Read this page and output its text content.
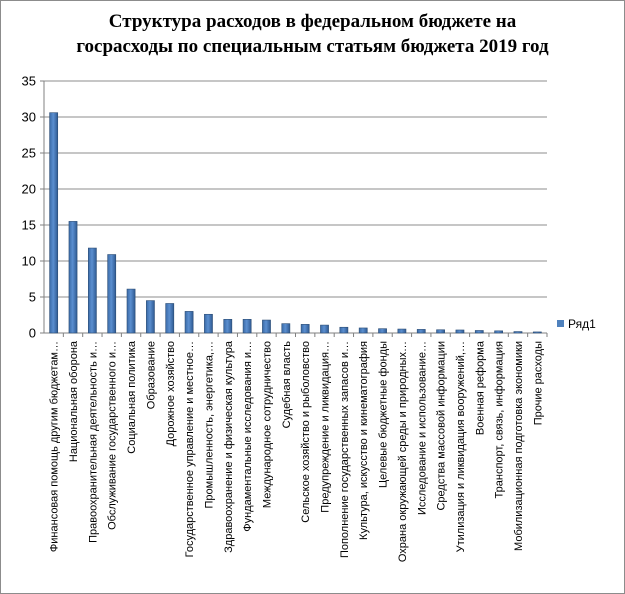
Структура расходов в федеральном бюджете на
госрасходы по специальным статьям бюджета 2019 год
0
5
10
15
20
25
30
35
Финансовая помощь другим бюджетам… Национальная оборона Правоохранительная деятельность и… Обслуживание государственного и… Социальная политика Образование Дорожное хозяйство Государственное управление и местное… Промышленность, энергетика,… Здравоохранение и физическая культура Фундаментальные исследования и… Международное сотрудничество Судебная власть Сельское хозяйство и рыболовство Предупреждение и ликвидация… Пополнение государственных запасов и… Культура, искусство и кинематография Целевые бюджетные фонды Охрана окружающей среды и природных… Исследование и использование… Средства массовой информации Утилизация и ликвидация вооружений,… Военная реформа Транспорт, связь, информация Мобилизационная подготовка экономики Прочие расходы
Ряд1
